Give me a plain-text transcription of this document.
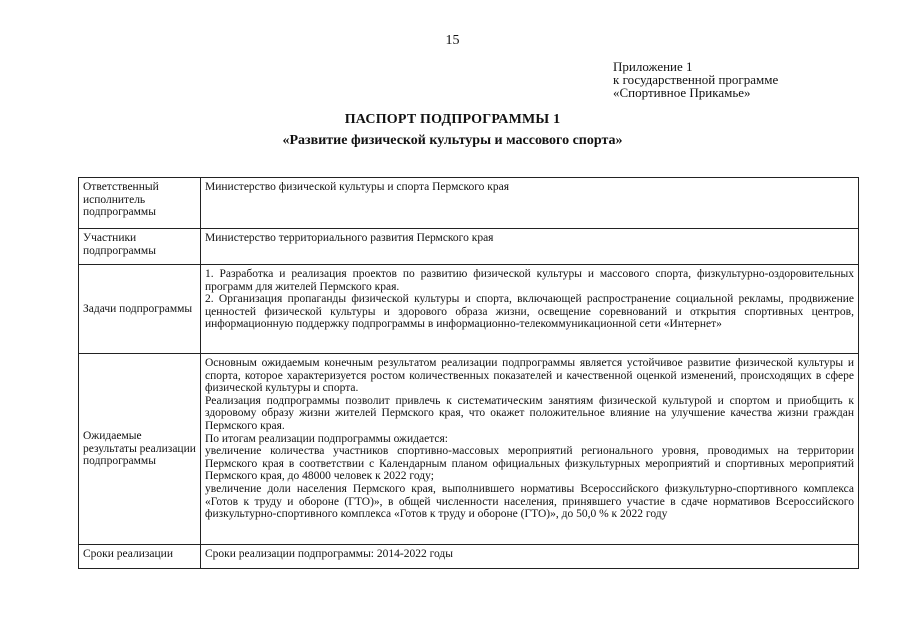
15
Приложение 1
к государственной программе
«Спортивное Прикамье»
ПАСПОРТ ПОДПРОГРАММЫ 1
«Развитие физической культуры и массового спорта»
Ответственный исполнитель подпрограммы	Министерство физической культуры и спорта Пермского края

Участники подпрограммы	Министерство территориального развития Пермского края

Задачи подпрограммы	1. Разработка и реализация проектов по развитию физической культуры и массового спорта, физкультурно-оздоровительных программ для жителей Пермского края.

2. Организация пропаганды физической культуры и спорта, включающей распространение социальной рекламы, продвижение ценностей физической культуры и здорового образа жизни, освещение соревнований и открытия спортивных центров, информационную поддержку подпрограммы в информационно-телекоммуникационной сети «Интернет»

Ожидаемые результаты реализации подпрограммы	Основным ожидаемым конечным результатом реализации подпрограммы является устойчивое развитие физической культуры и спорта, которое характеризуется ростом количественных показателей и качественной оценкой изменений, происходящих в сфере физической культуры и спорта.

Реализация подпрограммы позволит привлечь к систематическим занятиям физической культурой и спортом и приобщить к здоровому образу жизни жителей Пермского края, что окажет положительное влияние на улучшение качества жизни граждан Пермского края.

По итогам реализации подпрограммы ожидается:

увеличение количества участников спортивно-массовых мероприятий регионального уровня, проводимых на территории Пермского края в соответствии с Календарным планом официальных физкультурных мероприятий и спортивных мероприятий Пермского края, до 48000 человек к 2022 году;

увеличение доли населения Пермского края, выполнившего нормативы Всероссийского физкультурно-спортивного комплекса «Готов к труду и обороне (ГТО)», в общей численности населения, принявшего участие в сдаче нормативов Всероссийского физкультурно-спортивного комплекса «Готов к труду и обороне (ГТО)», до 50,0 % к 2022 году

Сроки реализации	Сроки реализации подпрограммы: 2014-2022 годы
